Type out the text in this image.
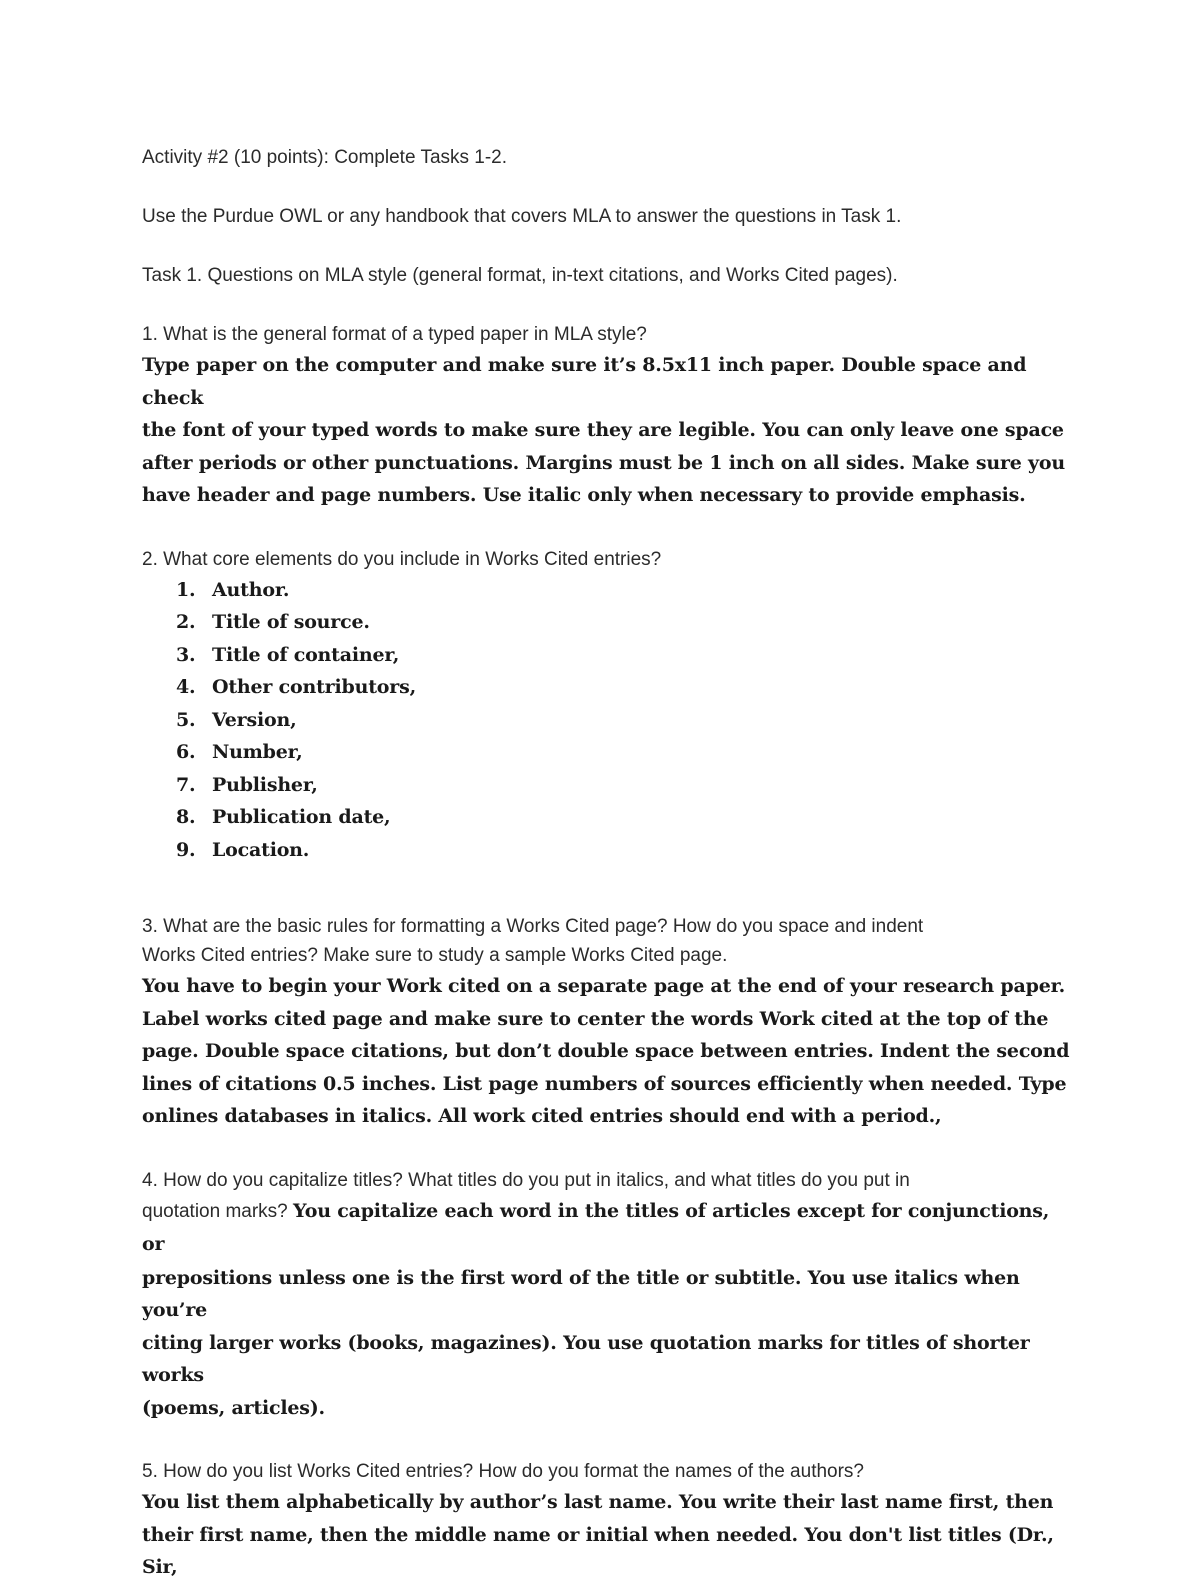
Activity #2 (10 points): Complete Tasks 1-2.

Use the Purdue OWL or any handbook that covers MLA to answer the questions in Task 1.

Task 1. Questions on MLA style (general format, in-text citations, and Works Cited pages).

1. What is the general format of a typed paper in MLA style?

Type paper on the computer and make sure it’s 8.5x11 inch paper. Double space and check

the font of your typed words to make sure they are legible. You can only leave one space

after periods or other punctuations. Margins must be 1 inch on all sides. Make sure you

have header and page numbers. Use italic only when necessary to provide emphasis.

2. What core elements do you include in Works Cited entries?

1. Author.
2. Title of source.
3. Title of container,
4. Other contributors,
5. Version,
6. Number,
7. Publisher,
8. Publication date,
9. Location.

3. What are the basic rules for formatting a Works Cited page? How do you space and indent

Works Cited entries? Make sure to study a sample Works Cited page.

You have to begin your Work cited on a separate page at the end of your research paper.

Label works cited page and make sure to center the words Work cited at the top of the

page. Double space citations, but don’t double space between entries. Indent the second

lines of citations 0.5 inches. List page numbers of sources efficiently when needed. Type

onlines databases in italics. All work cited entries should end with a period.,

4. How do you capitalize titles? What titles do you put in italics, and what titles do you put in

quotation marks? You capitalize each word in the titles of articles except for conjunctions, or

prepositions unless one is the first word of the title or subtitle. You use italics when you’re

citing larger works (books, magazines). You use quotation marks for titles of shorter works

(poems, articles).

5. How do you list Works Cited entries? How do you format the names of the authors?

You list them alphabetically by author’s last name. You write their last name first, then

their first name, then the middle name or initial when needed. You don't list titles (Dr., Sir,
